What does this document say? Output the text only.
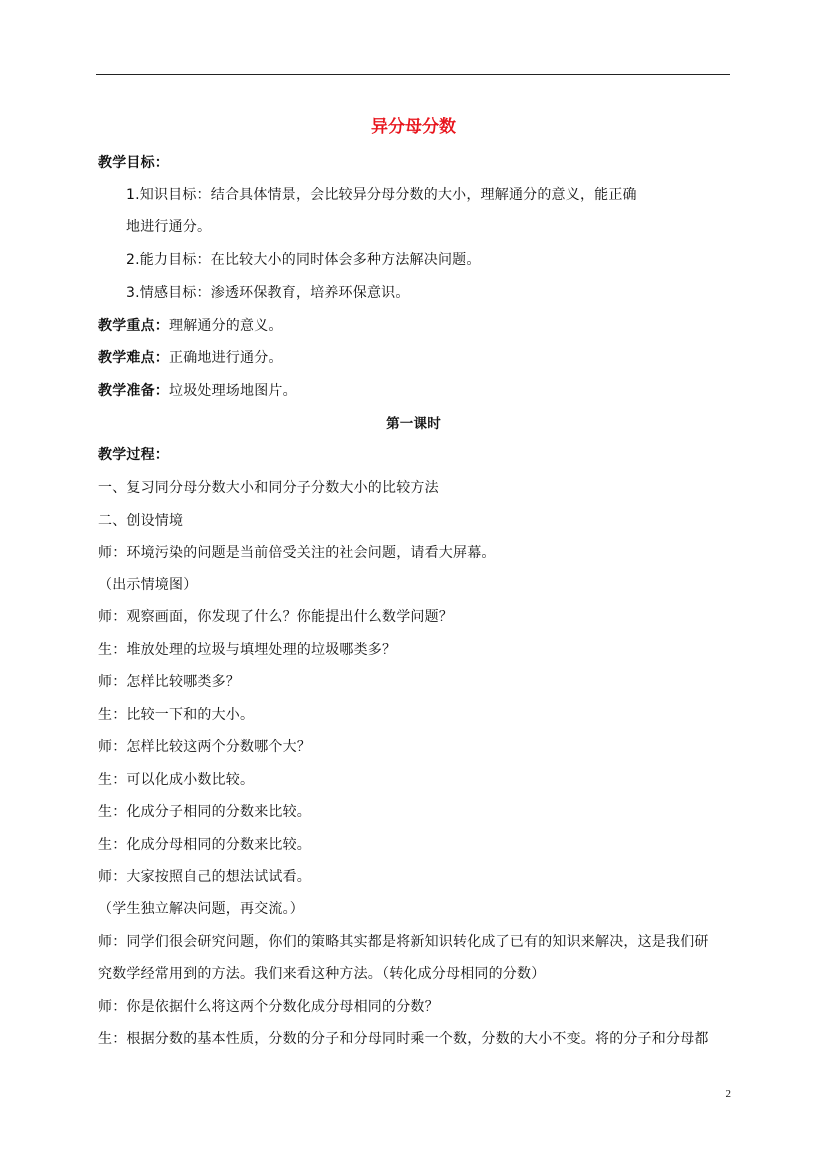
异分母分数
教学目标：
1.知识目标：结合具体情景，会比较异分母分数的大小，理解通分的意义，能正确
地进行通分。
2.能力目标：在比较大小的同时体会多种方法解决问题。
3.情感目标：渗透环保教育，培养环保意识。
教学重点：理解通分的意义。
教学难点：正确地进行通分。
教学准备：垃圾处理场地图片。
第一课时
教学过程：
一、复习同分母分数大小和同分子分数大小的比较方法
二、创设情境
师：环境污染的问题是当前倍受关注的社会问题，请看大屏幕。
（出示情境图）
师：观察画面，你发现了什么？你能提出什么数学问题？
生：堆放处理的垃圾与填埋处理的垃圾哪类多？
师：怎样比较哪类多？
生：比较一下和的大小。
师：怎样比较这两个分数哪个大？
生：可以化成小数比较。
生：化成分子相同的分数来比较。
生：化成分母相同的分数来比较。
师：大家按照自己的想法试试看。
（学生独立解决问题，再交流。）
师：同学们很会研究问题，你们的策略其实都是将新知识转化成了已有的知识来解决，这是我们研
究数学经常用到的方法。我们来看这种方法。（转化成分母相同的分数）
师：你是依据什么将这两个分数化成分母相同的分数？
生：根据分数的基本性质，分数的分子和分母同时乘一个数，分数的大小不变。将的分子和分母都
2
